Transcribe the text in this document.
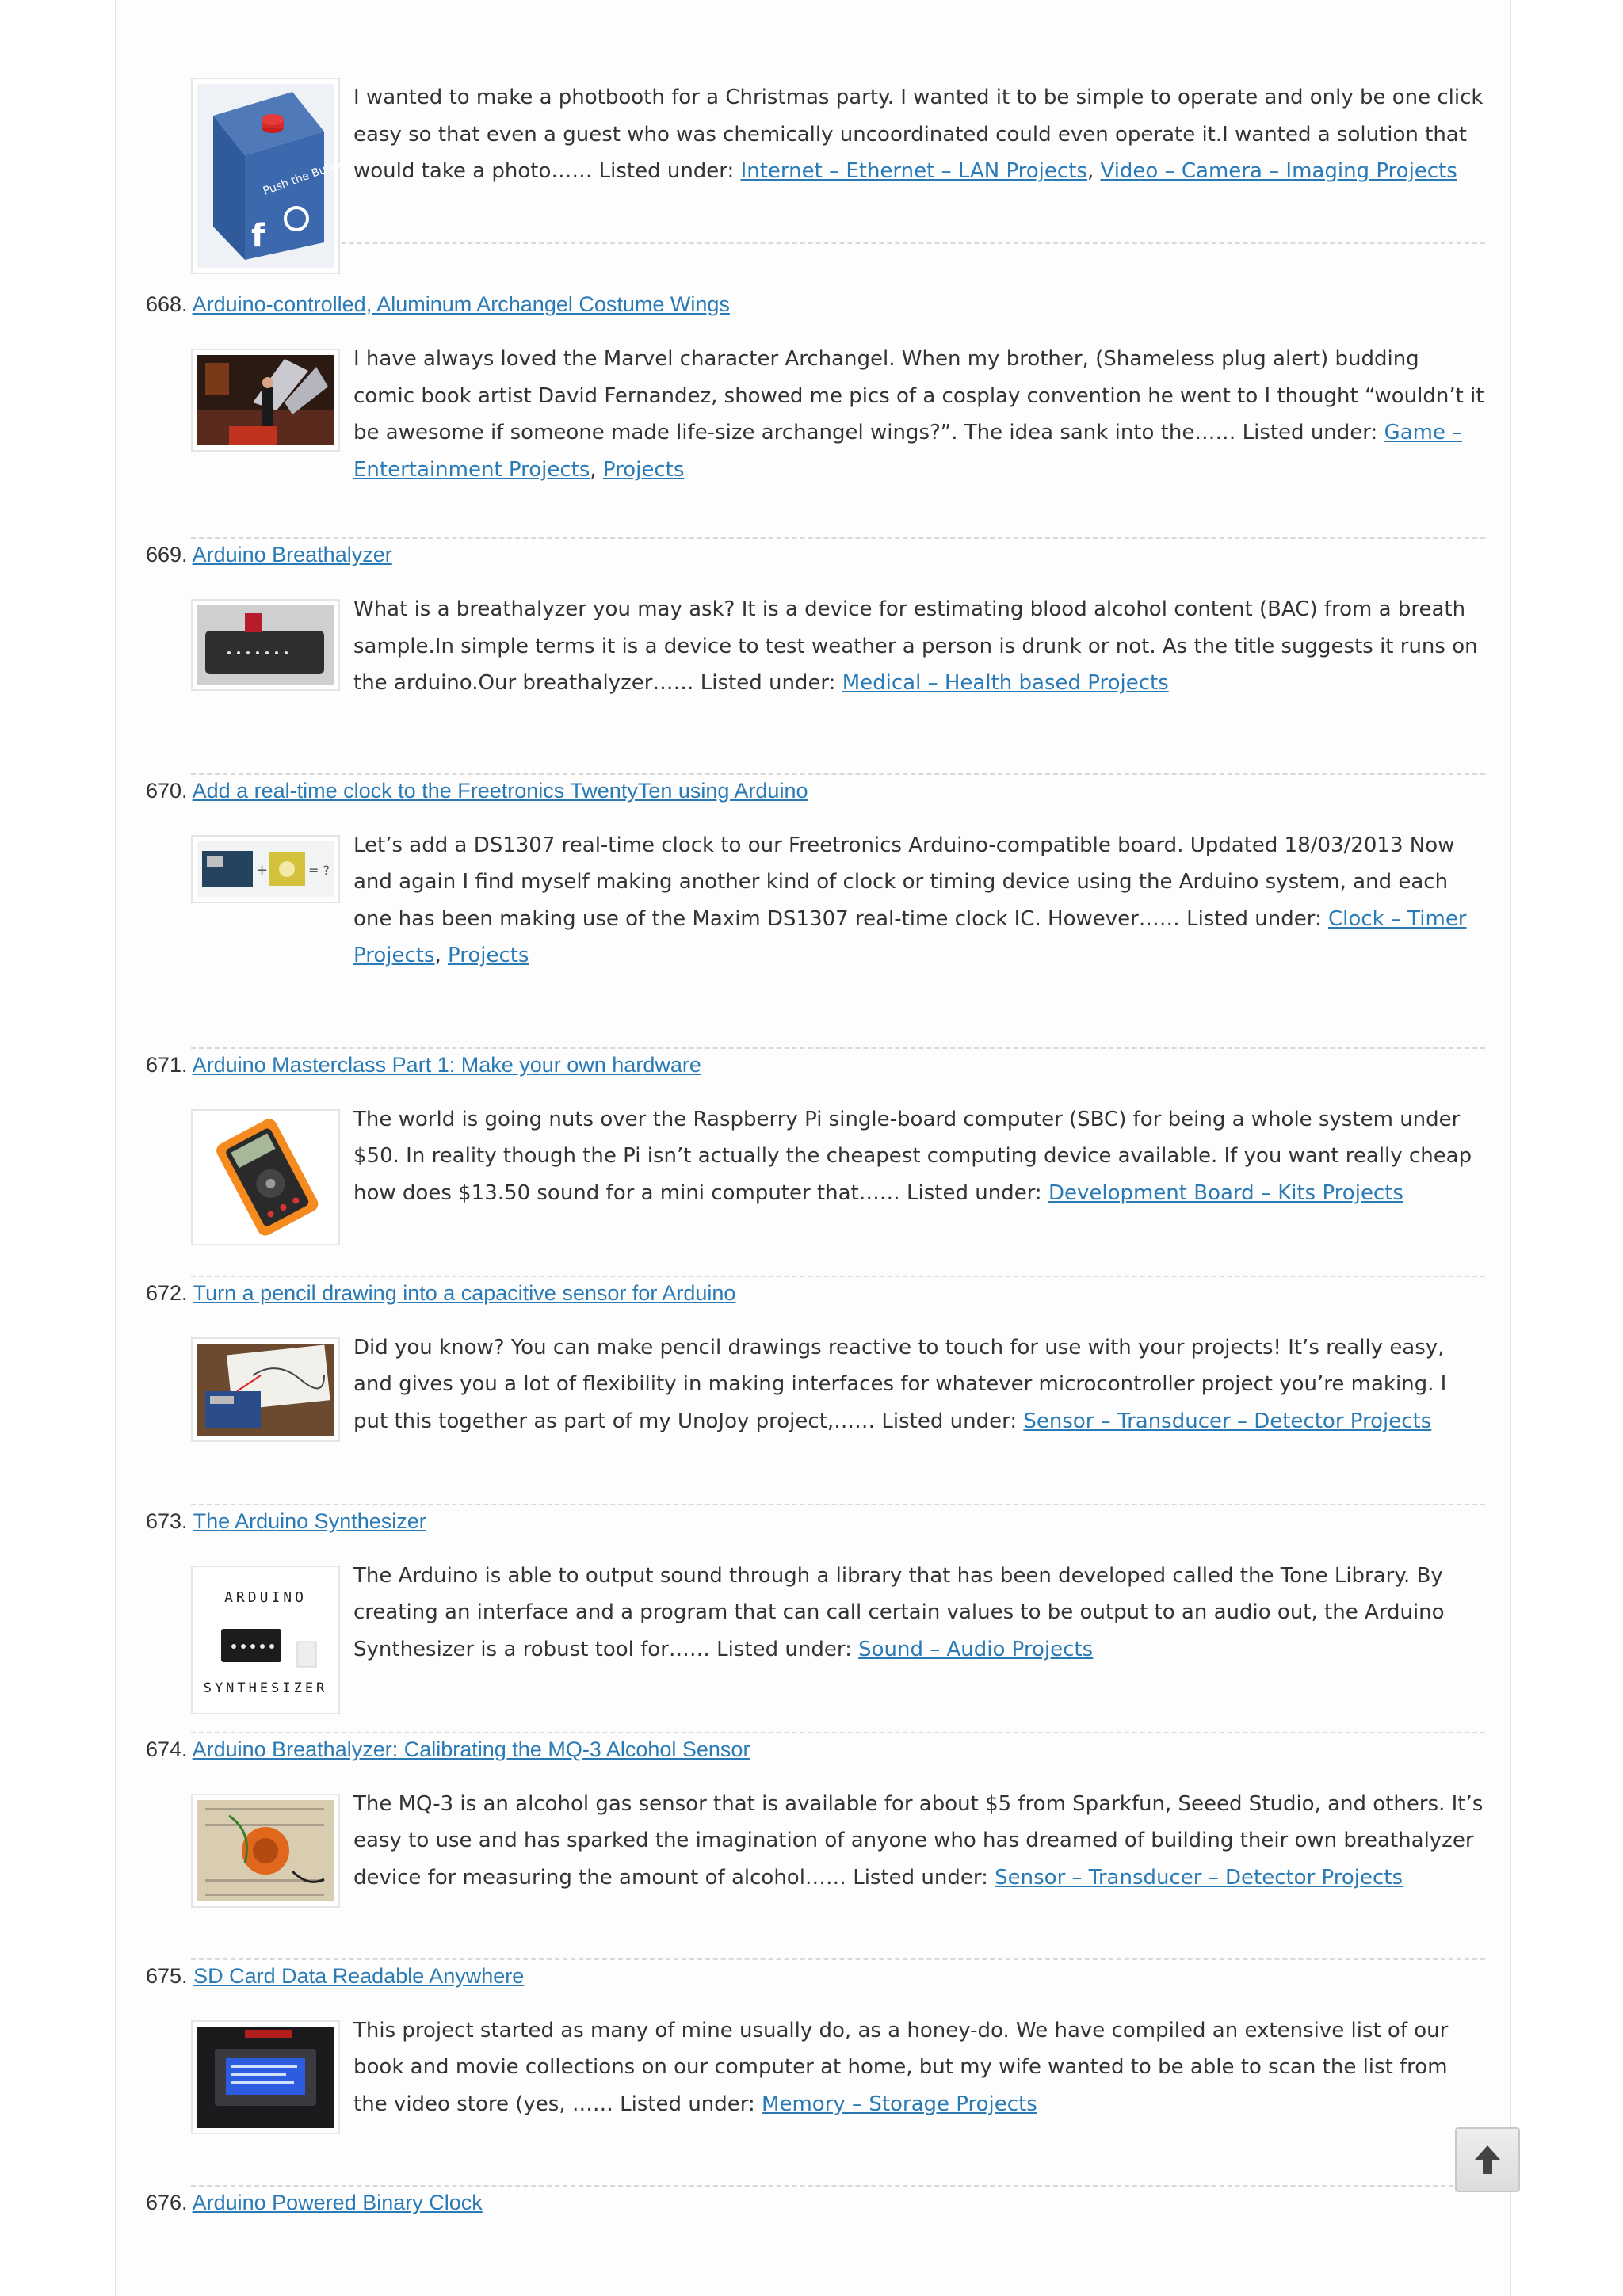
Push the Button
f
I wanted to make a photbooth for a Christmas party. I wanted it to be simple to operate and only be one click easy so that even a guest who was chemically uncoordinated could even operate it.I wanted a solution that would take a photo…… Listed under: Internet – Ethernet – LAN Projects, Video – Camera – Imaging Projects
668. Arduino-controlled, Aluminum Archangel Costume Wings
I have always loved the Marvel character Archangel. When my brother, (Shameless plug alert) budding comic book artist David Fernandez, showed me pics of a cosplay convention he went to I thought “wouldn’t it be awesome if someone made life-size archangel wings?”. The idea sank into the…… Listed under: Game – Entertainment Projects, Projects
669. Arduino Breathalyzer
What is a breathalyzer you may ask? It is a device for estimating blood alcohol content (BAC) from a breath sample.In simple terms it is a device to test weather a person is drunk or not. As the title suggests it runs on the arduino.Our breathalyzer…… Listed under: Medical – Health based Projects
670. Add a real-time clock to the Freetronics TwentyTen using Arduino
+	= ?
Let’s add a DS1307 real-time clock to our Freetronics Arduino-compatible board. Updated 18/03/2013 Now and again I find myself making another kind of clock or timing device using the Arduino system, and each one has been making use of the Maxim DS1307 real-time clock IC. However…… Listed under: Clock – Timer Projects, Projects
671. Arduino Masterclass Part 1: Make your own hardware
The world is going nuts over the Raspberry Pi single-board computer (SBC) for being a whole system under $50. In reality though the Pi isn’t actually the cheapest computing device available. If you want really cheap how does $13.50 sound for a mini computer that…… Listed under: Development Board – Kits Projects
672. Turn a pencil drawing into a capacitive sensor for Arduino
Did you know? You can make pencil drawings reactive to touch for use with your projects! It’s really easy, and gives you a lot of flexibility in making interfaces for whatever microcontroller project you’re making. I put this together as part of my UnoJoy project,…… Listed under: Sensor – Transducer – Detector Projects
673. The Arduino Synthesizer
ARDUINO
SYNTHESIZER
The Arduino is able to output sound through a library that has been developed called the Tone Library. By creating an interface and a program that can call certain values to be output to an audio out, the Arduino Synthesizer is a robust tool for…… Listed under: Sound – Audio Projects
674. Arduino Breathalyzer: Calibrating the MQ-3 Alcohol Sensor
The MQ-3 is an alcohol gas sensor that is available for about $5 from Sparkfun, Seeed Studio, and others. It’s easy to use and has sparked the imagination of anyone who has dreamed of building their own breathalyzer device for measuring the amount of alcohol…… Listed under: Sensor – Transducer – Detector Projects
675. SD Card Data Readable Anywhere
This project started as many of mine usually do, as a honey-do. We have compiled an extensive list of our book and movie collections on our computer at home, but my wife wanted to be able to scan the list from the video store (yes, …… Listed under: Memory – Storage Projects
676. Arduino Powered Binary Clock
